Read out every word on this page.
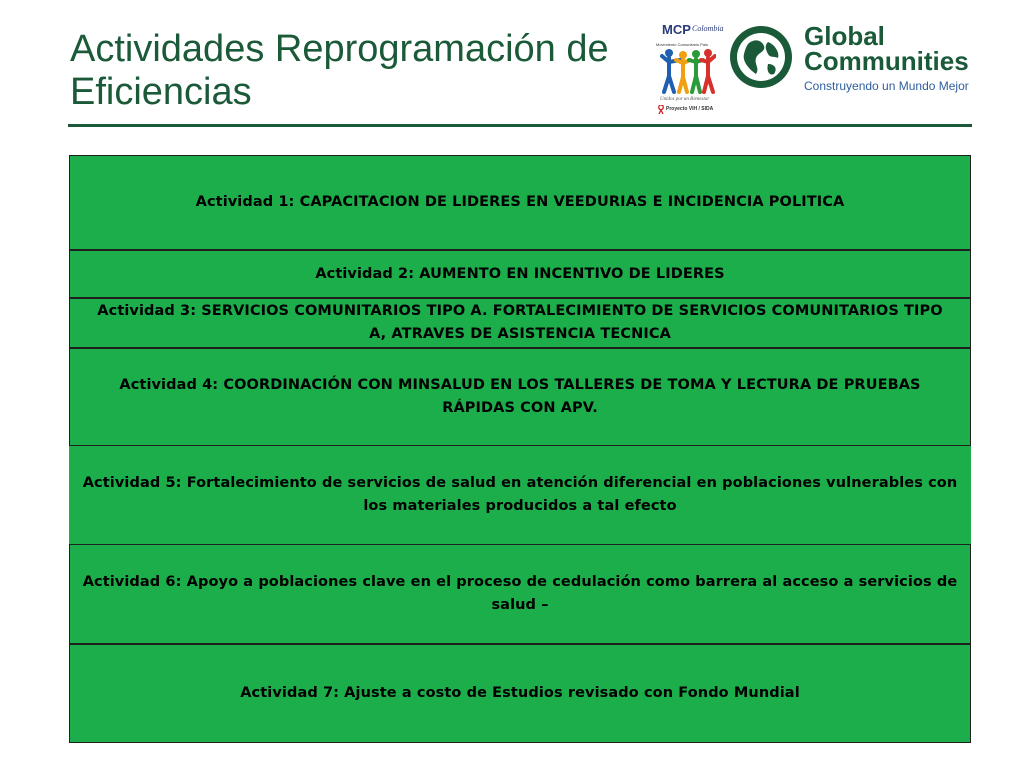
Actividades Reprogramación de Eficiencias
MCP Colombia
Movimiento Comunitario Pais
Unidos por un Bienestar
Proyecto VIH / SIDA
Global
Communities
Construyendo un Mundo Mejor
Actividad 1: CAPACITACION DE LIDERES EN VEEDURIAS E INCIDENCIA POLITICA
Actividad 2: AUMENTO EN INCENTIVO DE LIDERES
Actividad 3: SERVICIOS COMUNITARIOS TIPO A. FORTALECIMIENTO DE SERVICIOS COMUNITARIOS TIPO A, ATRAVES DE ASISTENCIA TECNICA
Actividad 4: COORDINACIÓN CON MINSALUD EN LOS TALLERES DE TOMA Y LECTURA DE PRUEBAS RÁPIDAS CON APV.
Actividad 5: Fortalecimiento de servicios de salud en atención diferencial en poblaciones vulnerables con los materiales producidos a tal efecto
Actividad 6: Apoyo a poblaciones clave en el proceso de cedulación como barrera al acceso a servicios de salud –
Actividad 7: Ajuste a costo de Estudios revisado con Fondo Mundial
